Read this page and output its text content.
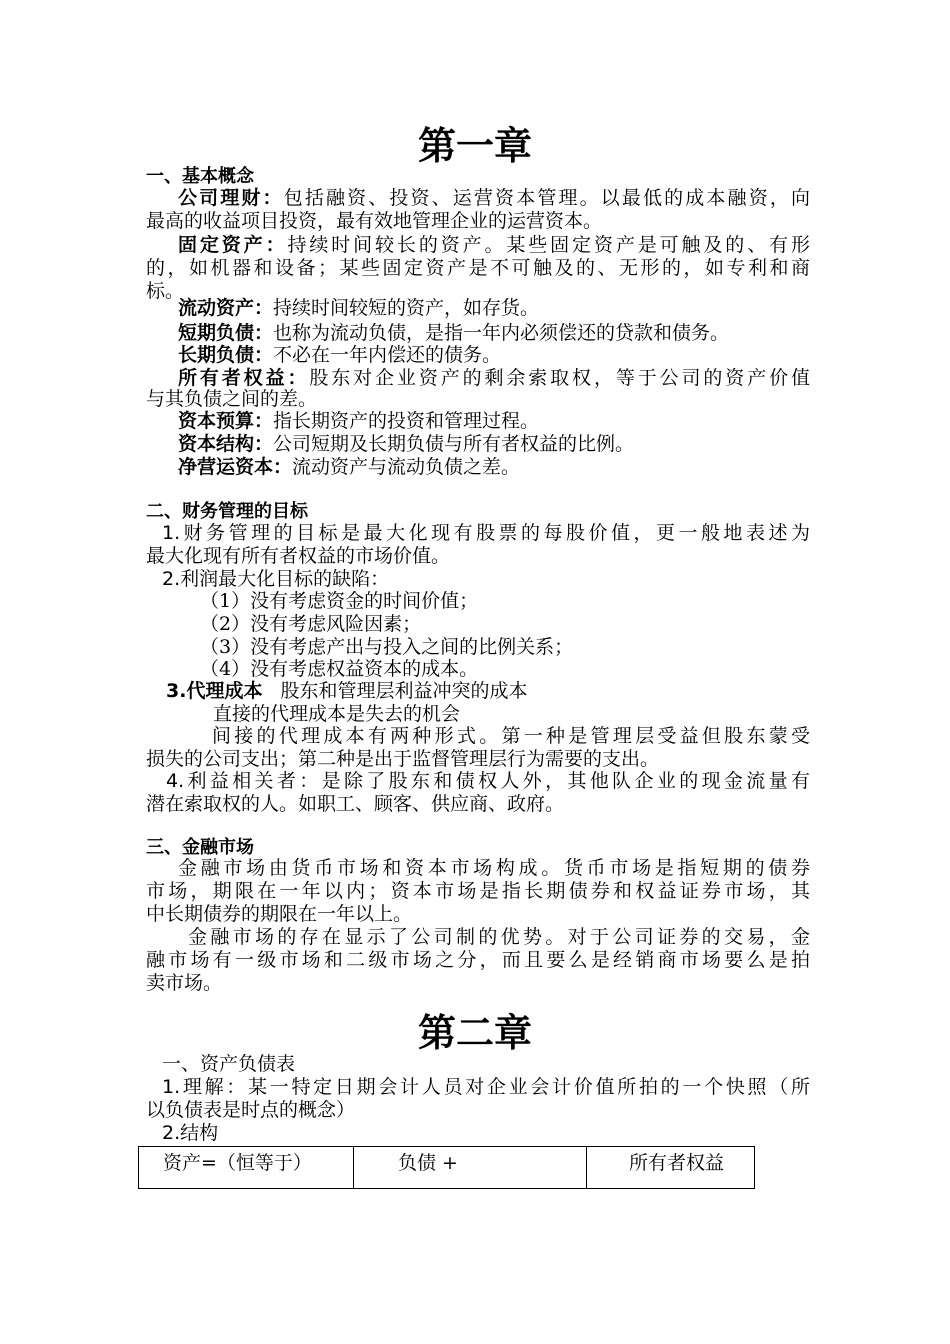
第一章
一、基本概念
公司理财：包括融资、投资、运营资本管理。以最低的成本融资，向
最高的收益项目投资，最有效地管理企业的运营资本。
固定资产：持续时间较长的资产。某些固定资产是可触及的、有形
的，如机器和设备；某些固定资产是不可触及的、无形的，如专利和商
标。
流动资产：持续时间较短的资产，如存货。
短期负债：也称为流动负债，是指一年内必须偿还的贷款和债务。
长期负债：不必在一年内偿还的债务。
所有者权益：股东对企业资产的剩余索取权，等于公司的资产价值
与其负债之间的差。
资本预算：指长期资产的投资和管理过程。
资本结构：公司短期及长期负债与所有者权益的比例。
净营运资本：流动资产与流动负债之差。
二、财务管理的目标
1.财务管理的目标是最大化现有股票的每股价值，更一般地表述为
最大化现有所有者权益的市场价值。
2.利润最大化目标的缺陷：
（1）没有考虑资金的时间价值；
（2）没有考虑风险因素；
（3）没有考虑产出与投入之间的比例关系；
（4）没有考虑权益资本的成本。
3.代理成本 股东和管理层利益冲突的成本
直接的代理成本是失去的机会
间接的代理成本有两种形式。第一种是管理层受益但股东蒙受
损失的公司支出；第二种是出于监督管理层行为需要的支出。
4.利益相关者：是除了股东和债权人外，其他队企业的现金流量有
潜在索取权的人。如职工、顾客、供应商、政府。
三、金融市场
金融市场由货币市场和资本市场构成。货币市场是指短期的债券
市场，期限在一年以内；资本市场是指长期债券和权益证券市场，其
中长期债券的期限在一年以上。
金融市场的存在显示了公司制的优势。对于公司证券的交易，金
融市场有一级市场和二级市场之分，而且要么是经销商市场要么是拍
卖市场。
第二章
一、资产负债表
1.理解：某一特定日期会计人员对企业会计价值所拍的一个快照（所
以负债表是时点的概念）
2.结构
资产=（恒等于）	负债 +	所有者权益
